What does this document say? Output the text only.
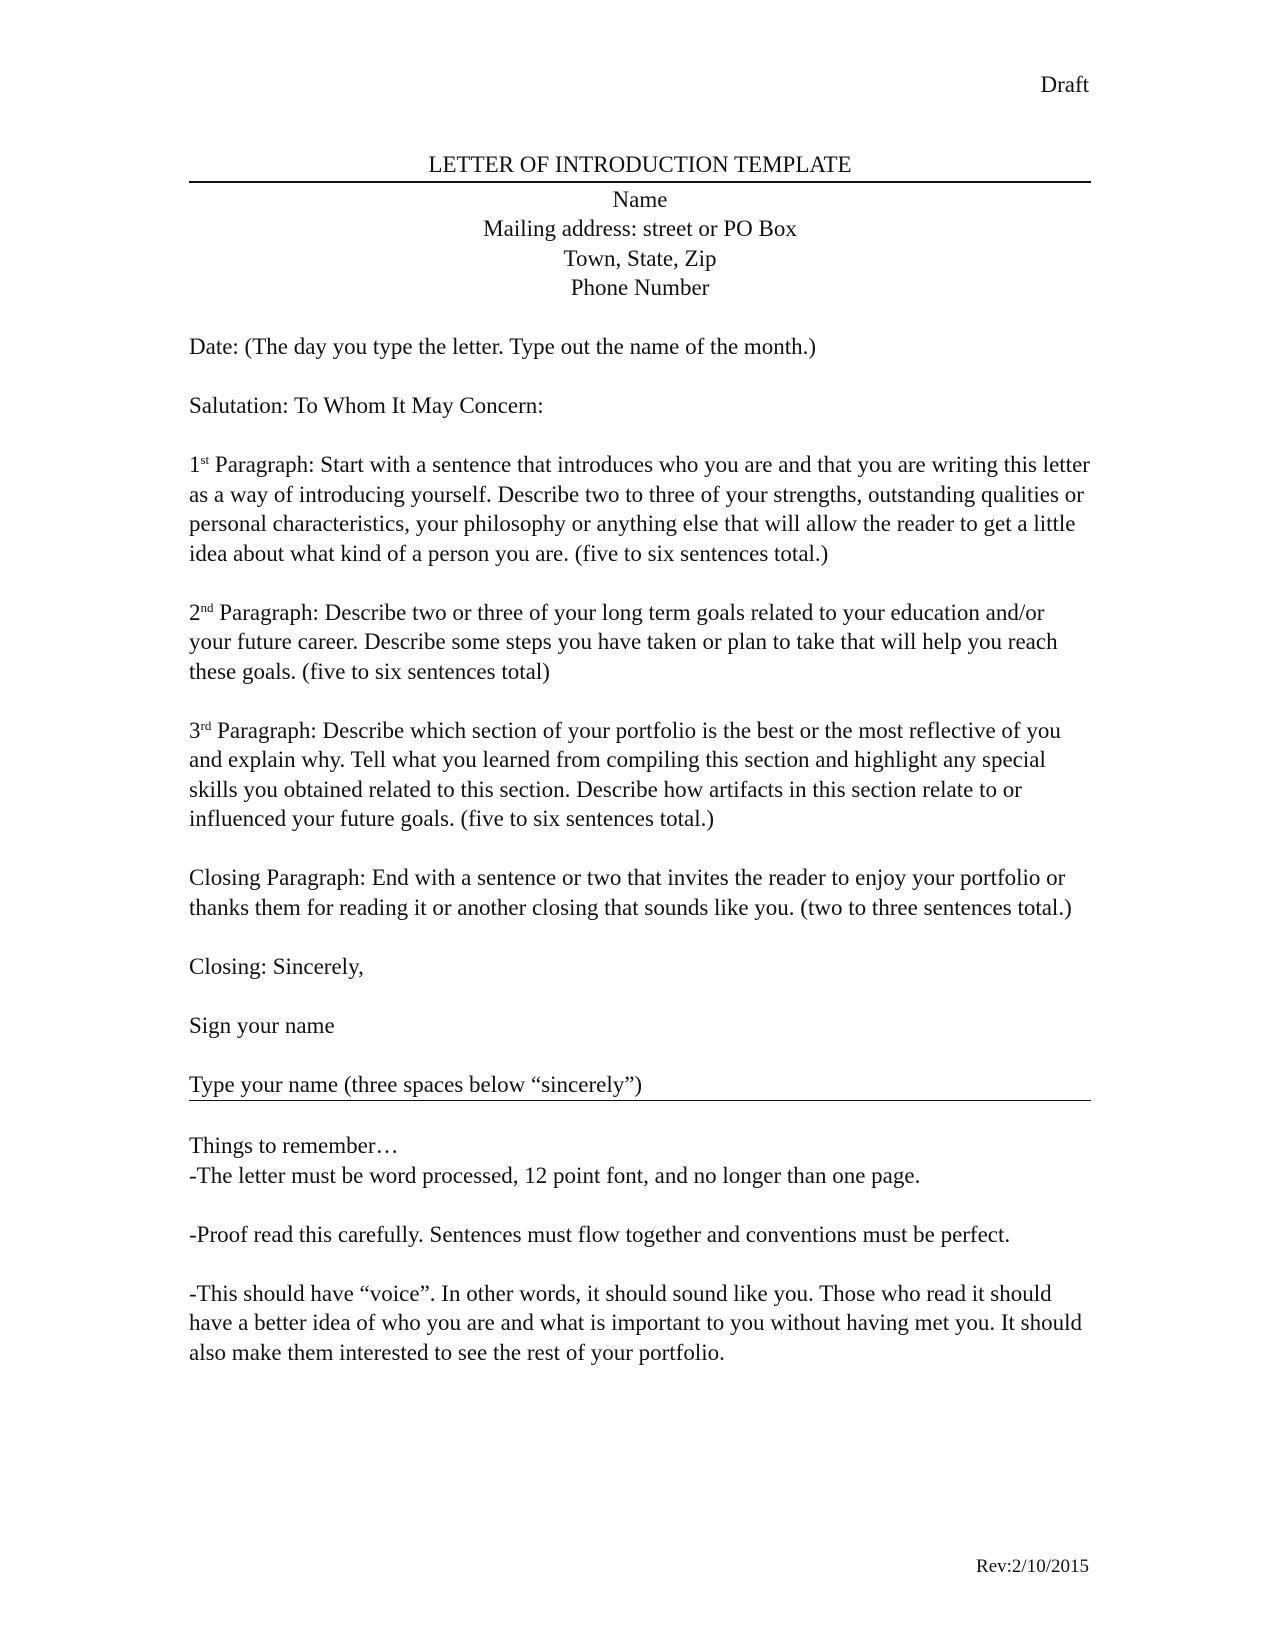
Draft
LETTER OF INTRODUCTION TEMPLATE
Name
Mailing address: street or PO Box
Town, State, Zip
Phone Number

Date: (The day you type the letter. Type out the name of the month.)

Salutation: To Whom It May Concern:

1st Paragraph: Start with a sentence that introduces who you are and that you are writing this letter as a way of introducing yourself. Describe two to three of your strengths, outstanding qualities or personal characteristics, your philosophy or anything else that will allow the reader to get a little idea about what kind of a person you are. (five to six sentences total.)

2nd Paragraph: Describe two or three of your long term goals related to your education and/or your future career. Describe some steps you have taken or plan to take that will help you reach these goals. (five to six sentences total)

3rd Paragraph: Describe which section of your portfolio is the best or the most reflective of you and explain why. Tell what you learned from compiling this section and highlight any special skills you obtained related to this section. Describe how artifacts in this section relate to or influenced your future goals. (five to six sentences total.)

Closing Paragraph: End with a sentence or two that invites the reader to enjoy your portfolio or thanks them for reading it or another closing that sounds like you. (two to three sentences total.)

Closing: Sincerely,

Sign your name

Type your name (three spaces below “sincerely”)
Things to remember…

-The letter must be word processed, 12 point font, and no longer than one page.

-Proof read this carefully. Sentences must flow together and conventions must be perfect.

-This should have “voice”. In other words, it should sound like you. Those who read it should have a better idea of who you are and what is important to you without having met you. It should also make them interested to see the rest of your portfolio.

Rev:2/10/2015
